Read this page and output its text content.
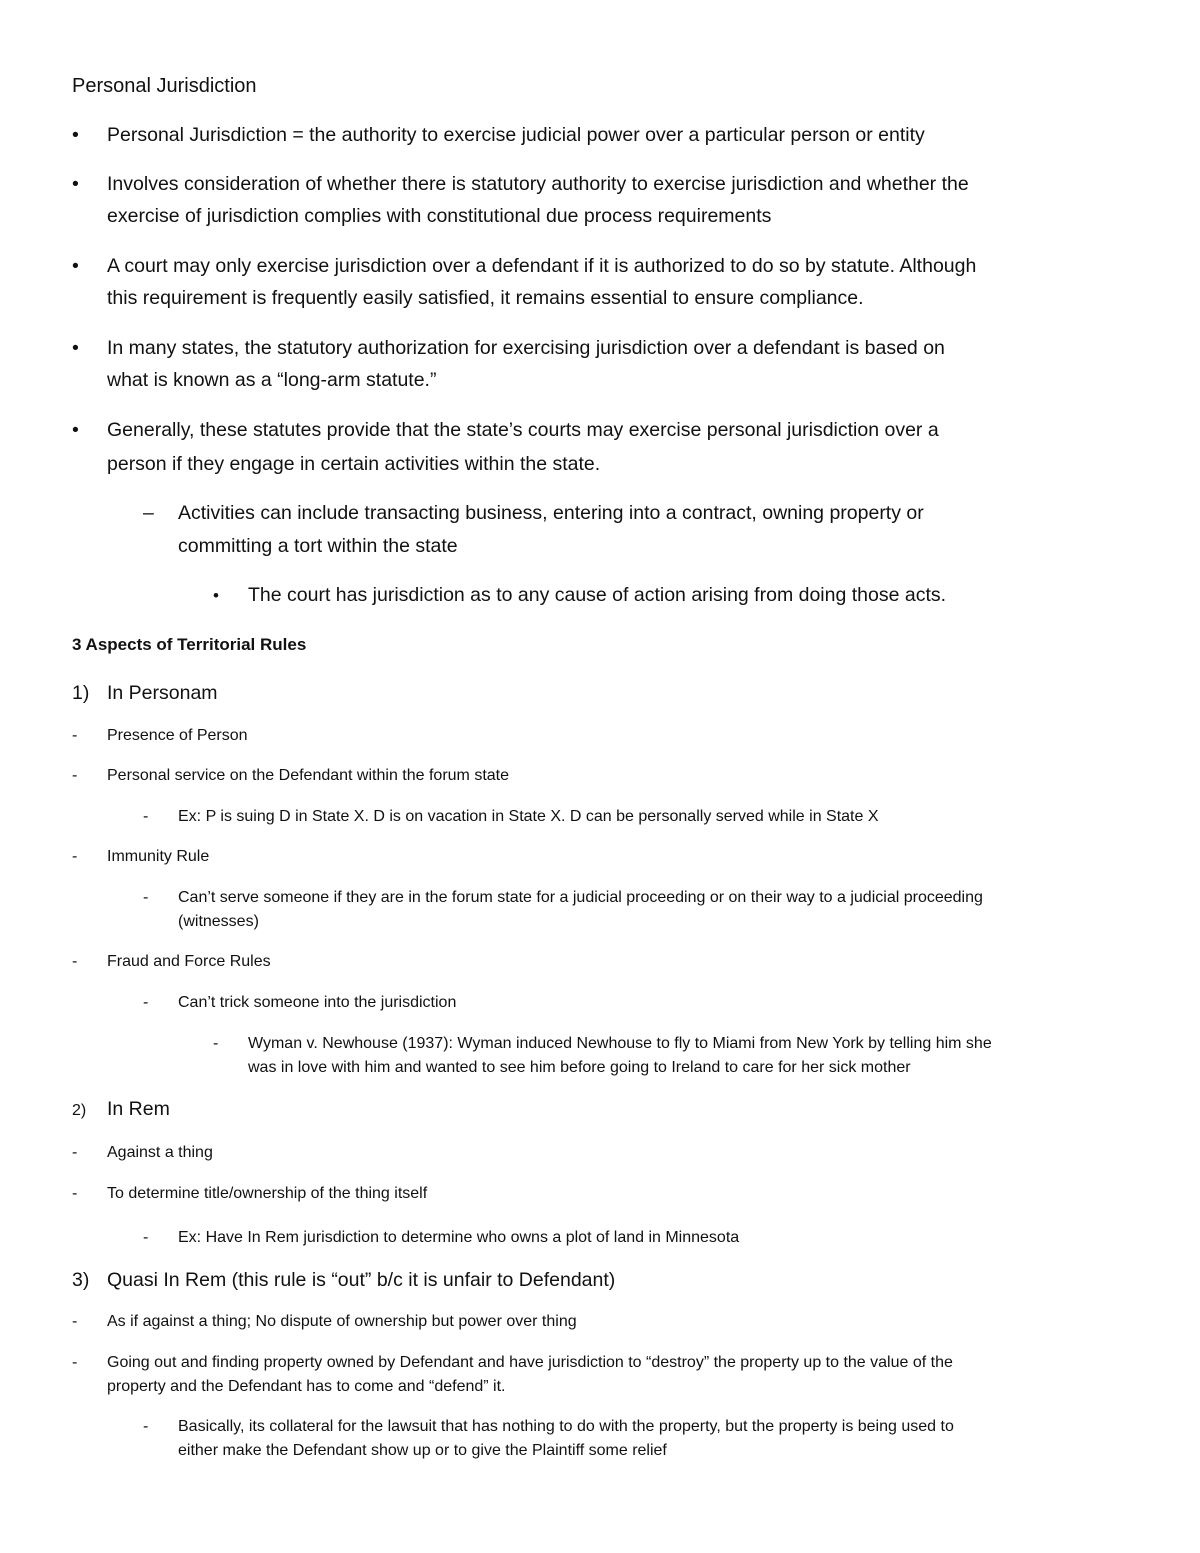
Personal Jurisdiction
• Personal Jurisdiction = the authority to exercise judicial power over a particular person or entity
• Involves consideration of whether there is statutory authority to exercise jurisdiction and whether the
exercise of jurisdiction complies with constitutional due process requirements
• A court may only exercise jurisdiction over a defendant if it is authorized to do so by statute. Although
this requirement is frequently easily satisfied, it remains essential to ensure compliance.
• In many states, the statutory authorization for exercising jurisdiction over a defendant is based on
what is known as a “long-arm statute.”
• Generally, these statutes provide that the state’s courts may exercise personal jurisdiction over a
person if they engage in certain activities within the state.
– Activities can include transacting business, entering into a contract, owning property or
committing a tort within the state
• The court has jurisdiction as to any cause of action arising from doing those acts.
3 Aspects of Territorial Rules
1) In Personam
- Presence of Person
- Personal service on the Defendant within the forum state
- Ex: P is suing D in State X. D is on vacation in State X. D can be personally served while in State X
- Immunity Rule
- Can’t serve someone if they are in the forum state for a judicial proceeding or on their way to a judicial proceeding
(witnesses)
- Fraud and Force Rules
- Can’t trick someone into the jurisdiction
- Wyman v. Newhouse (1937): Wyman induced Newhouse to fly to Miami from New York by telling him she
was in love with him and wanted to see him before going to Ireland to care for her sick mother
2) In Rem
- Against a thing
- To determine title/ownership of the thing itself
- Ex: Have In Rem jurisdiction to determine who owns a plot of land in Minnesota
3) Quasi In Rem (this rule is “out” b/c it is unfair to Defendant)
- As if against a thing; No dispute of ownership but power over thing
- Going out and finding property owned by Defendant and have jurisdiction to “destroy” the property up to the value of the
property and the Defendant has to come and “defend” it.
- Basically, its collateral for the lawsuit that has nothing to do with the property, but the property is being used to
either make the Defendant show up or to give the Plaintiff some relief
